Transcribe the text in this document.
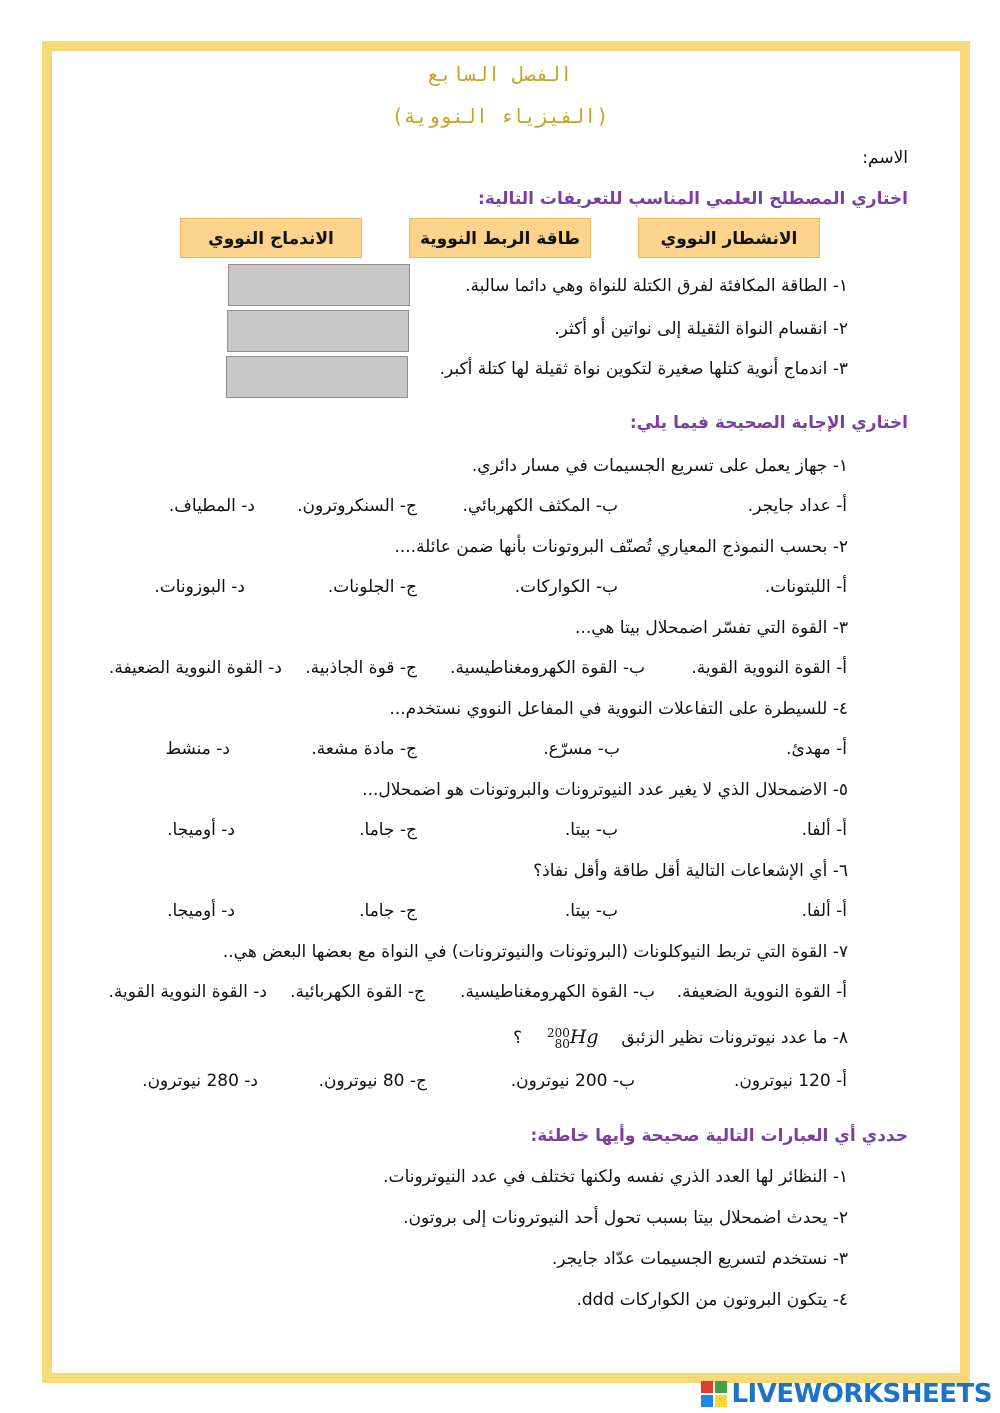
الفصل السابع
(الفيزياء النووية)
الاسم:
اختاري المصطلح العلمي المناسب للتعريفات التالية:
الانشطار النووي
طاقة الربط النووية
الاندماج النووي
١- الطاقة المكافئة لفرق الكتلة للنواة وهي دائما سالبة.
٢- انقسام النواة الثقيلة إلى نواتين أو أكثر.
٣- اندماج أنوية كتلها صغيرة لتكوين نواة ثقيلة لها كتلة أكبر.
اختاري الإجابة الصحيحة فيما يلي:
١- جهاز يعمل على تسريع الجسيمات في مسار دائري.
أ- عداد جايجر.
ب- المكثف الكهربائي.
ج- السنكروترون.
د- المطياف.
٢- بحسب النموذج المعياري تُصنّف البروتونات بأنها ضمن عائلة....
أ- اللبتونات.
ب- الكواركات.
ج- الجلونات.
د- البوزونات.
٣- القوة التي تفسّر اضمحلال بيتا هي...
أ- القوة النووية القوية.
ب- القوة الكهرومغناطيسية.
ج- قوة الجاذبية.
د- القوة النووية الضعيفة.
٤- للسيطرة على التفاعلات النووية في المفاعل النووي نستخدم...
أ- مهدئ.
ب- مسرّع.
ج- مادة مشعة.
د- منشط
٥- الاضمحلال الذي لا يغير عدد النيوترونات والبروتونات هو اضمحلال...
أ- ألفا.
ب- بيتا.
ج- جاما.
د- أوميجا.
٦- أي الإشعاعات التالية أقل طاقة وأقل نفاذ؟
أ- ألفا.
ب- بيتا.
ج- جاما.
د- أوميجا.
٧- القوة التي تربط النيوكلونات (البروتونات والنيوترونات) في النواة مع بعضها البعض هي..
أ- القوة النووية الضعيفة.
ب- القوة الكهرومغناطيسية.
ج- القوة الكهربائية.
د- القوة النووية القوية.
٨- ما عدد نيوترونات نظير الزئبق
200
80 Hg  ؟
أ- 120 نيوترون.
ب- 200 نيوترون.
ج- 80 نيوترون.
د- 280 نيوترون.
حددي أي العبارات التالية صحيحة وأيها خاطئة:
١- النظائر لها العدد الذري نفسه ولكنها تختلف في عدد النيوترونات.
٢- يحدث اضمحلال بيتا بسبب تحول أحد النيوترونات إلى بروتون.
٣- نستخدم لتسريع الجسيمات عدّاد جايجر.
٤- يتكون البروتون من الكواركات ddd.
LIVEWORKSHEETS
